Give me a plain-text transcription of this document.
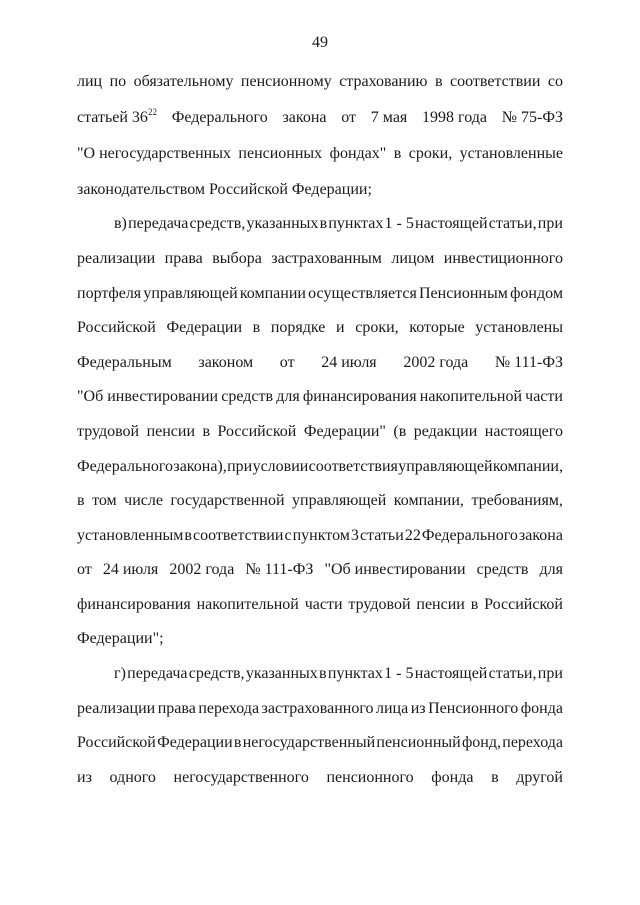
49
лиц по обязательному пенсионному страхованию в соответствии со
статьей $36^{22}$ Федерального закона от 7 мая 1998 года № 75-ФЗ
"О негосударственных пенсионных фондах" в сроки, установленные
законодательством Российской Федерации;
в) передача средств, указанных в пунктах 1 - 5 настоящей статьи, при
реализации права выбора застрахованным лицом инвестиционного
портфеля управляющей компании осуществляется Пенсионным фондом
Российской Федерации в порядке и сроки, которые установлены
Федеральным законом от 24 июля 2002 года № 111-ФЗ
"Об инвестировании средств для финансирования накопительной части
трудовой пенсии в Российской Федерации" (в редакции настоящего
Федерального закона), при условии соответствия управляющей компании,
в том числе государственной управляющей компании, требованиям,
установленным в соответствии с пунктом 3 статьи 22 Федерального закона
от 24 июля 2002 года № 111-ФЗ "Об инвестировании средств для
финансирования накопительной части трудовой пенсии в Российской
Федерации";
г) передача средств, указанных в пунктах 1 - 5 настоящей статьи, при
реализации права перехода застрахованного лица из Пенсионного фонда
Российской Федерации в негосударственный пенсионный фонд, перехода
из одного негосударственного пенсионного фонда в другой
